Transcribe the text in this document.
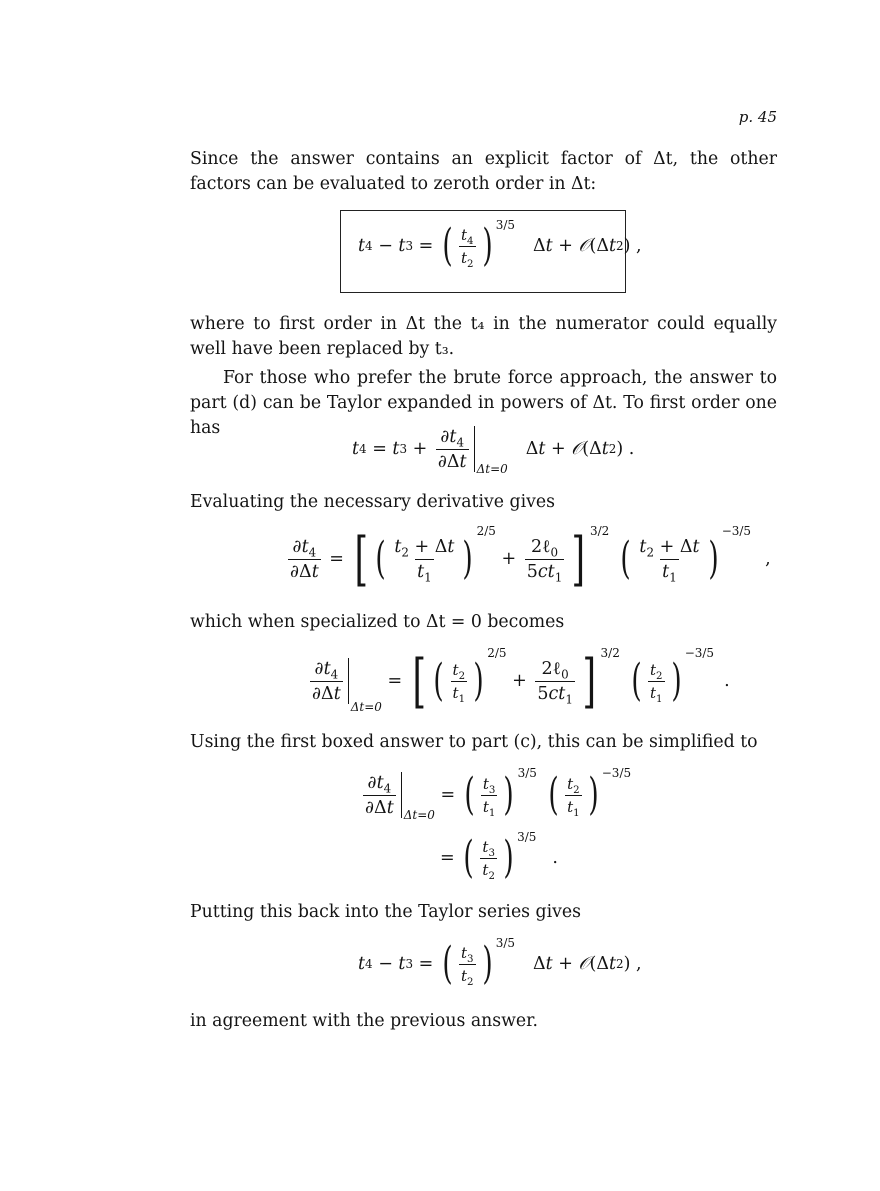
p. 45

Since the answer contains an explicit factor of Δt, the other factors can be evaluated to zeroth order in Δt:

t 4 − t 3 = ( $\frac{t_4}{t_2}$ ) 3/5
Δ t + 𝒪 (Δ t 2 ) ,

where to first order in Δt the t₄ in the numerator could equally well have been replaced by t₃.

For those who prefer the brute force approach, the answer to part (d) can be Taylor expanded in powers of Δt. To first order one has

t 4 = t $3 + \frac{\partial t_4}{\partial\Delta t} \Delta t=0$
Δ t + 𝒪 (Δ t 2 ) .

Evaluating the necessary derivative gives

$\frac{\partial t_4}{\partial\Delta t}$ = [ ( $\frac{t_2 + \Delta t}{t_1}$ )
2/5
+ $\frac{2\ell_0}{5ct_1}$ ] 3/2
( $\frac{t_2 + \Delta t}{t_1}$ )
−3/5
,

which when specialized to Δt = 0 becomes

$\frac{\partial t_4}{\partial\Delta t}$
Δt=0
= [ ( $\frac{t_2}{t_1}$ )
2/5
+ $\frac{2\ell_0}{5ct_1}$ ] 3/2
( $\frac{t_2}{t_1}$ )
−3/5
.

Using the first boxed answer to part (c), this can be simplified to

$\frac{\partial t_4}{\partial\Delta t} \Delta t=0$
= ( $\frac{t_3}{t_1}$ ) 3/5 ( $\frac{t_2}{t_1}$ ) −3/5
= ( $\frac{t_3}{t_2}$ ) 3/5
.

Putting this back into the Taylor series gives

t 4 − t 3 = ( $\frac{t_3}{t_2}$ ) 3/5
Δ t + 𝒪 (Δ t 2 ) ,

in agreement with the previous answer.
